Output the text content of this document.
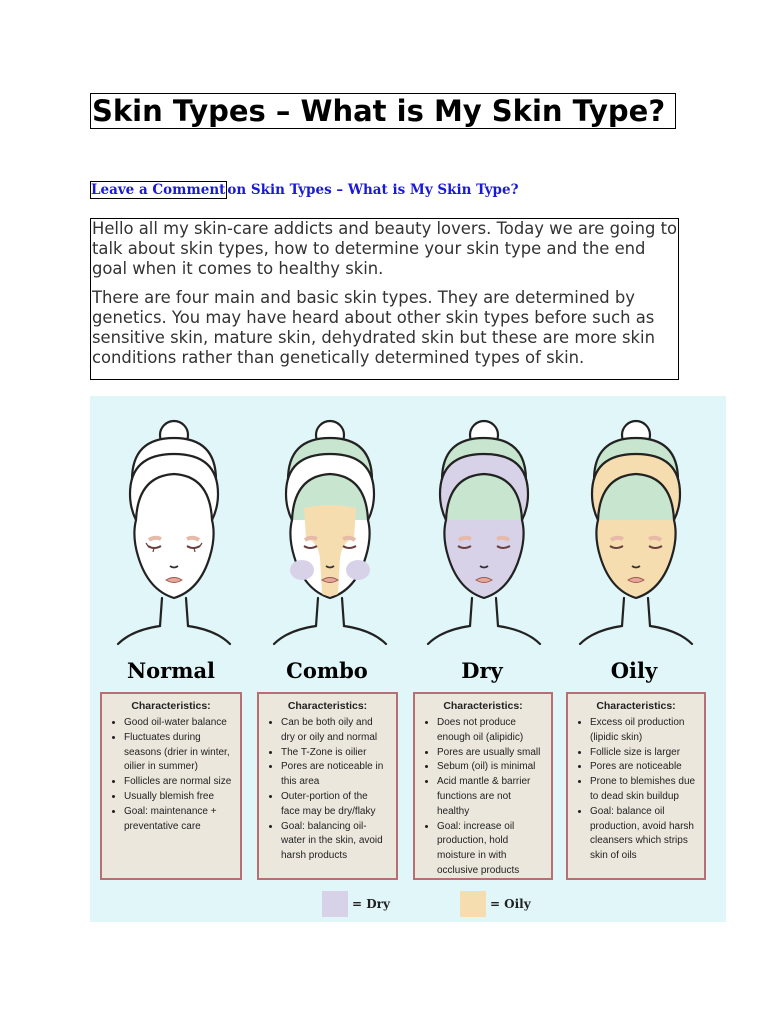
Skin Types – What is My Skin Type?
Leave a Comment on Skin Types – What is My Skin Type?

Hello all my skin-care addicts and beauty lovers. Today we are going to talk about skin types, how to determine your skin type and the end goal when it comes to healthy skin.

There are four main and basic skin types. They are determined by genetics. You may have heard about other skin types before such as sensitive skin, mature skin, dehydrated skin but these are more skin conditions rather than genetically determined types of skin.

Normal	Combo	Dry	Oily
Characteristics:
• Good oil-water balance
• Fluctuates during seasons (drier in winter, oilier in summer)
• Follicles are normal size
• Usually blemish free
• Goal: maintenance + preventative care
Characteristics:
• Can be both oily and dry or oily and normal
• The T-Zone is oilier
• Pores are noticeable in this area
• Outer-portion of the face may be dry/flaky
• Goal: balancing oil-water in the skin, avoid harsh products
Characteristics:
• Does not produce enough oil (alipidic)
• Pores are usually small
• Sebum (oil) is minimal
• Acid mantle & barrier functions are not healthy
• Goal: increase oil production, hold moisture in with occlusive products
Characteristics:
• Excess oil production (lipidic skin)
• Follicle size is larger
• Pores are noticeable
• Prone to blemishes due to dead skin buildup
• Goal: balance oil production, avoid harsh cleansers which strips skin of oils
= Dry	= Oily
